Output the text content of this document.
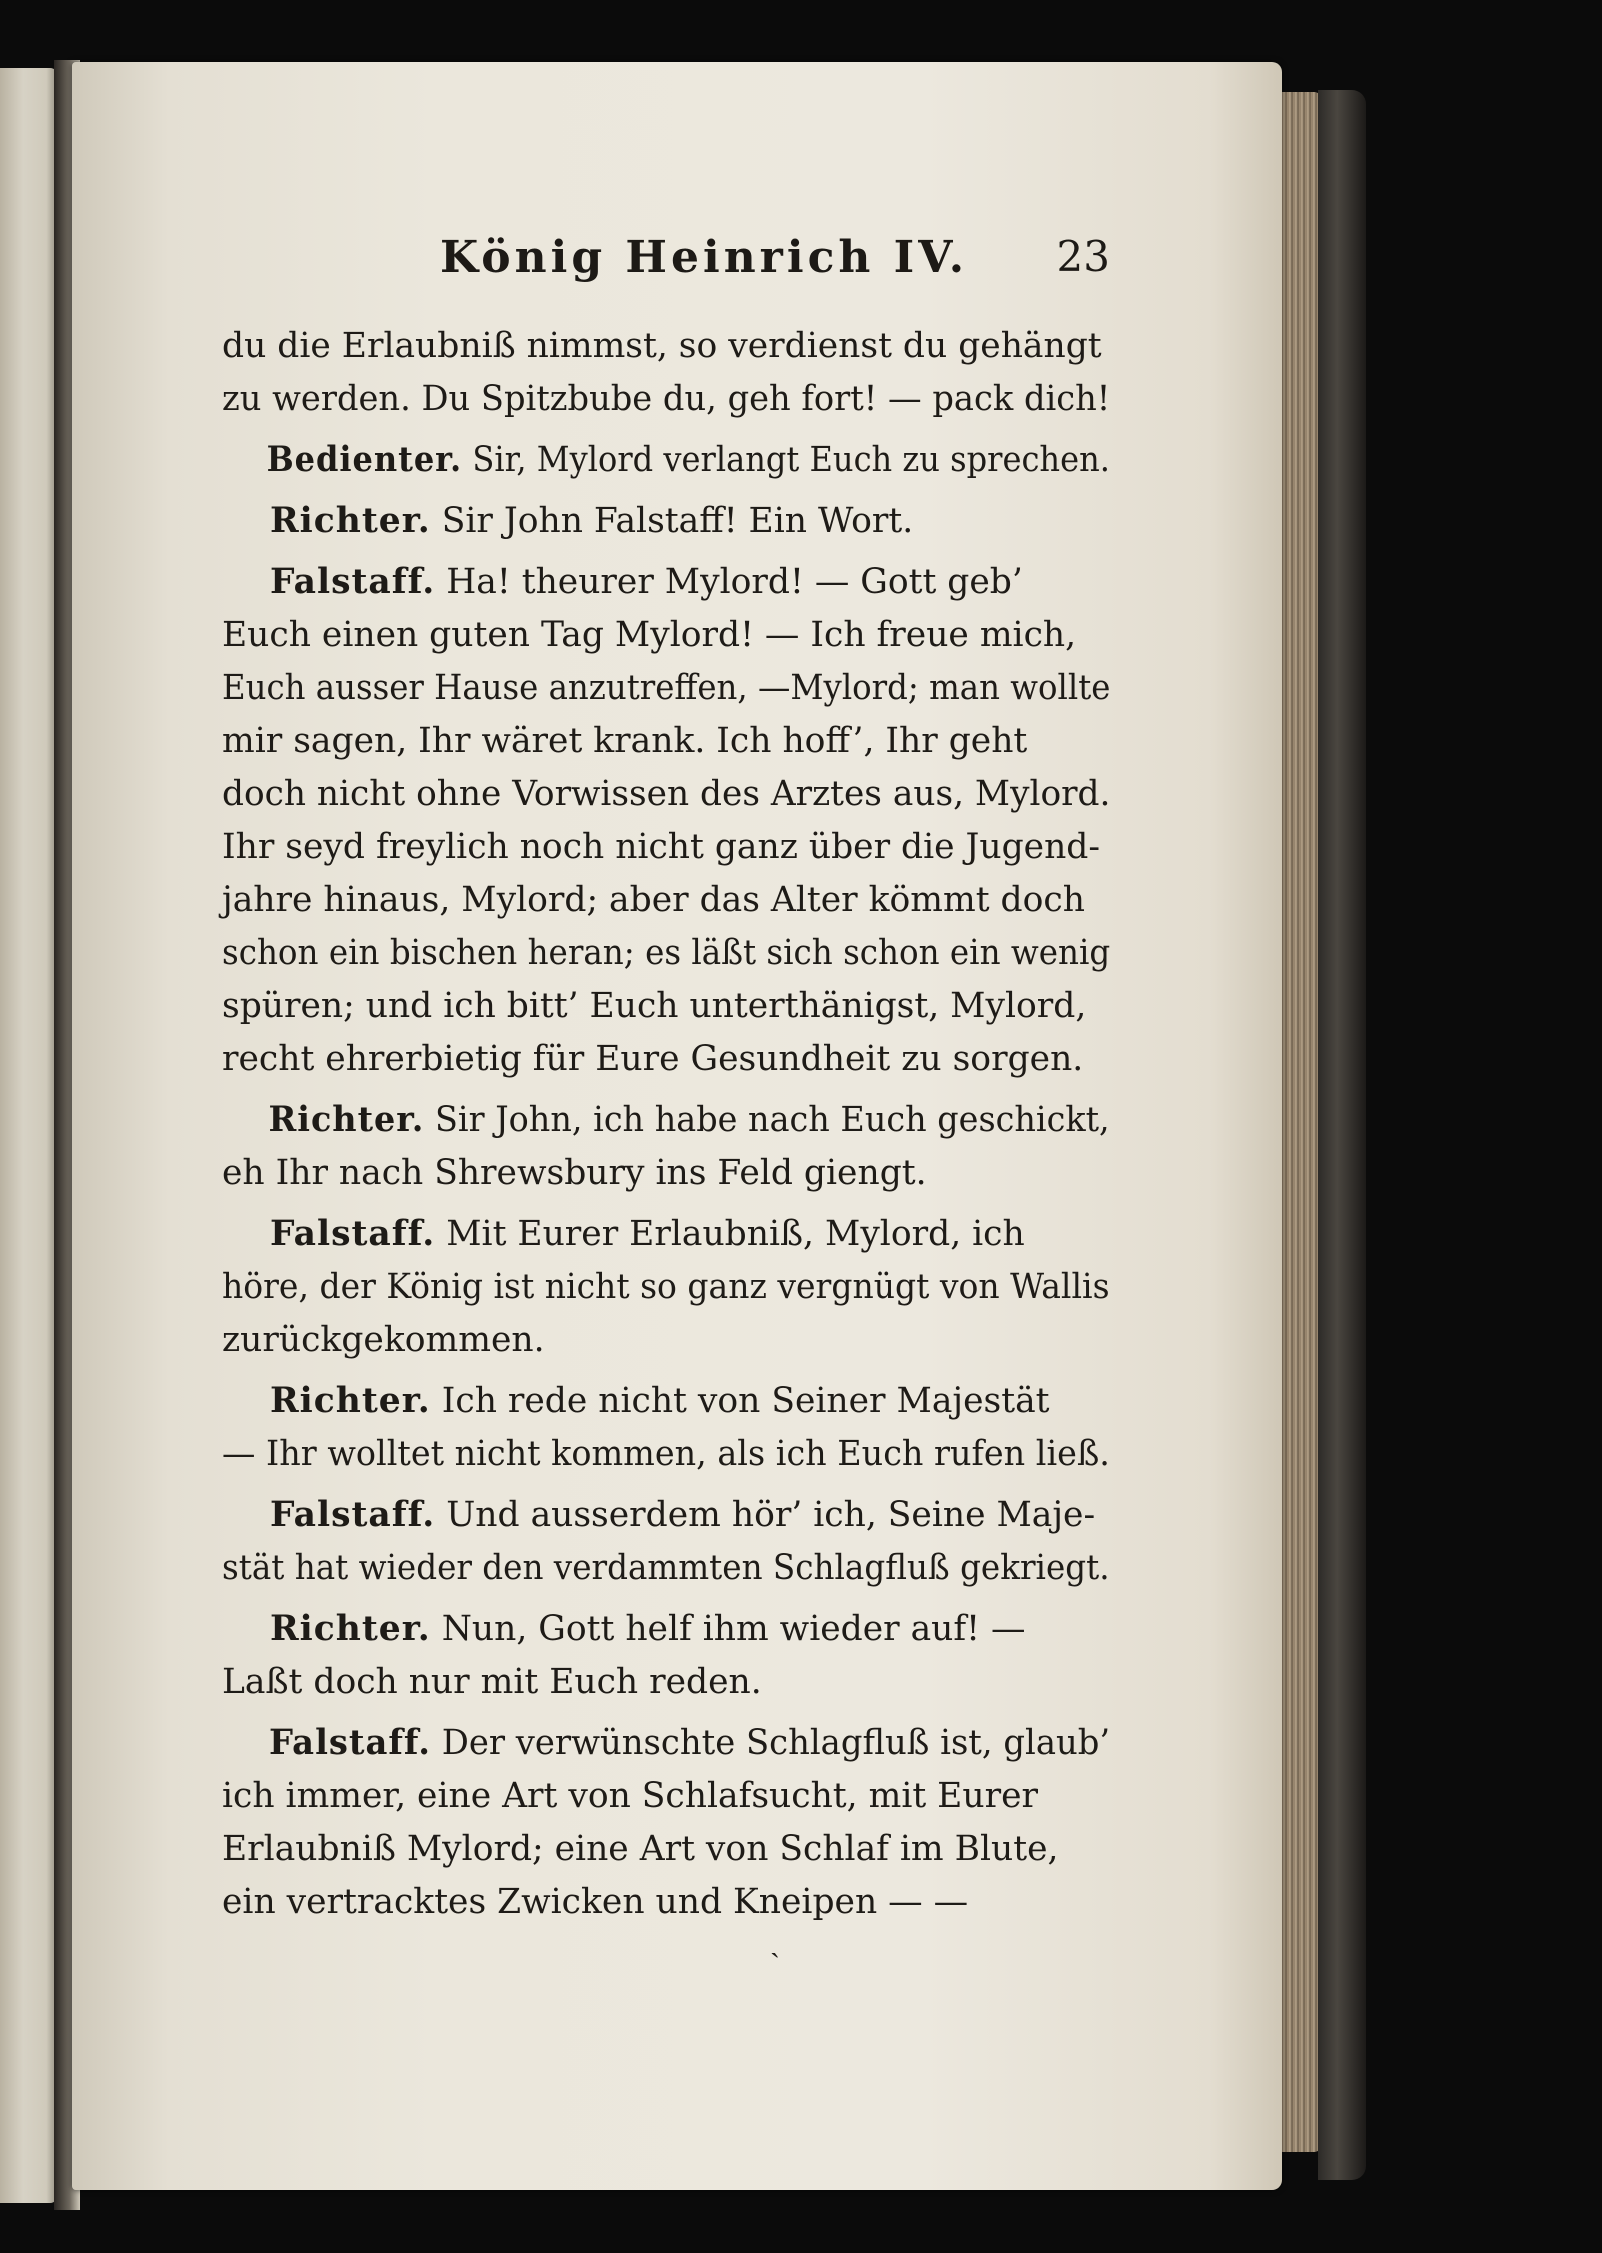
König Heinrich IV. 23
du die Erlaubniß nimmst, so verdienst du gehängt
zu werden. Du Spitzbube du, geh fort! — pack dich!
Bedienter. Sir, Mylord verlangt Euch zu sprechen.
Richter. Sir John Falstaff! Ein Wort.
Falstaff. Ha! theurer Mylord! — Gott geb’
Euch einen guten Tag Mylord! — Ich freue mich,
Euch ausser Hause anzutreffen, —Mylord; man wollte
mir sagen, Ihr wäret krank. Ich hoff’, Ihr geht
doch nicht ohne Vorwissen des Arztes aus, Mylord.
Ihr seyd freylich noch nicht ganz über die Jugend-
jahre hinaus, Mylord; aber das Alter kömmt doch
schon ein bischen heran; es läßt sich schon ein wenig
spüren; und ich bitt’ Euch unterthänigst, Mylord,
recht ehrerbietig für Eure Gesundheit zu sorgen.
Richter. Sir John, ich habe nach Euch geschickt,
eh Ihr nach Shrewsbury ins Feld giengt.
Falstaff. Mit Eurer Erlaubniß, Mylord, ich
höre, der König ist nicht so ganz vergnügt von Wallis
zurückgekommen.
Richter. Ich rede nicht von Seiner Majestät
— Ihr wolltet nicht kommen, als ich Euch rufen ließ.
Falstaff. Und ausserdem hör’ ich, Seine Maje-
stät hat wieder den verdammten Schlagfluß gekriegt.
Richter. Nun, Gott helf ihm wieder auf! —
Laßt doch nur mit Euch reden.
Falstaff. Der verwünschte Schlagfluß ist, glaub’
ich immer, eine Art von Schlafsucht, mit Eurer
Erlaubniß Mylord; eine Art von Schlaf im Blute,
ein vertracktes Zwicken und Kneipen — —
ˎ
